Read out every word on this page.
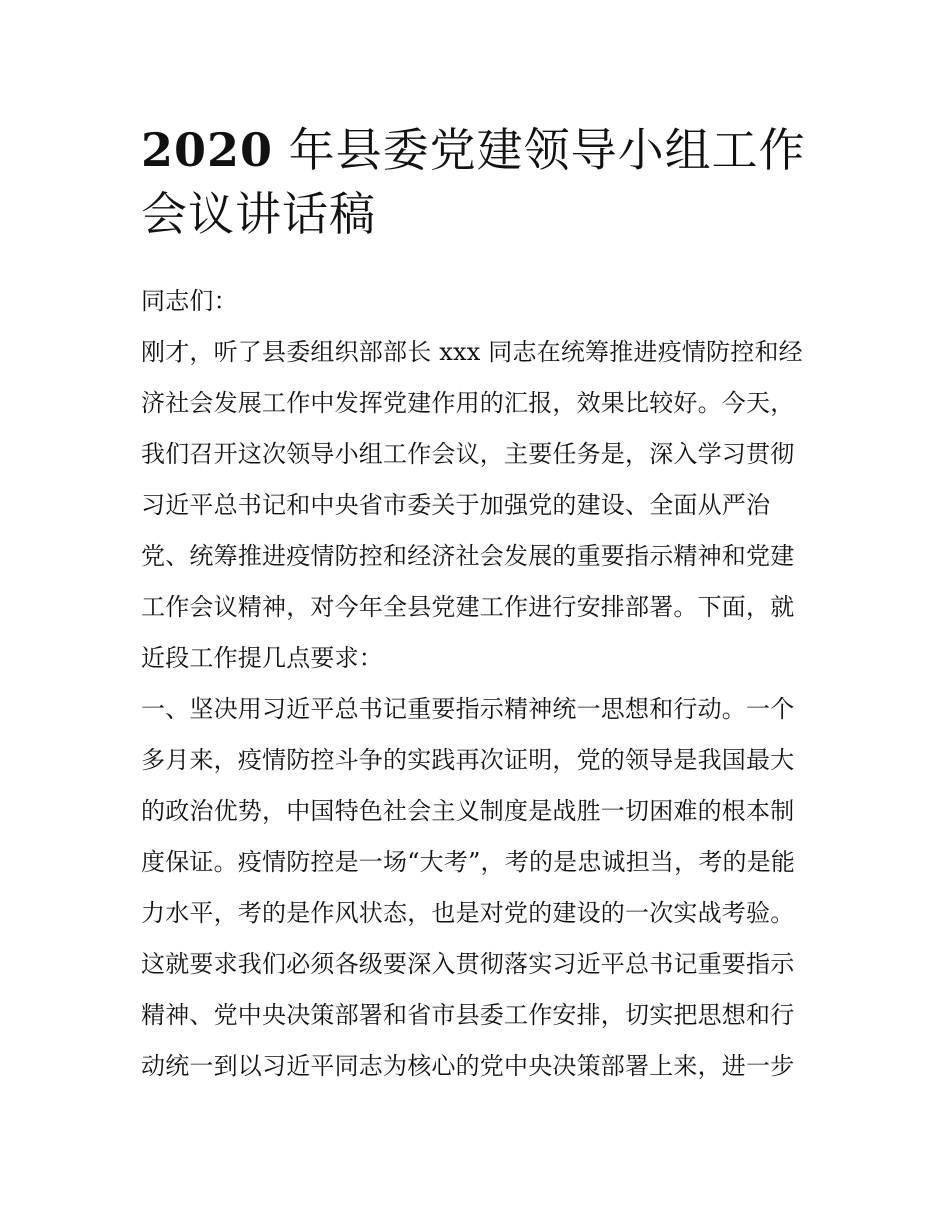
2020 年县委党建领导小组工作会议讲话稿
同志们：
刚才，听了县委组织部部长 xxx 同志在统筹推进疫情防控和经
济社会发展工作中发挥党建作用的汇报，效果比较好。今天，
我们召开这次领导小组工作会议，主要任务是，深入学习贯彻
习近平总书记和中央省市委关于加强党的建设、全面从严治
党、统筹推进疫情防控和经济社会发展的重要指示精神和党建
工作会议精神，对今年全县党建工作进行安排部署。下面，就
近段工作提几点要求：
一、坚决用习近平总书记重要指示精神统一思想和行动。一个
多月来，疫情防控斗争的实践再次证明，党的领导是我国最大
的政治优势，中国特色社会主义制度是战胜一切困难的根本制
度保证。疫情防控是一场“大考”，考的是忠诚担当，考的是能
力水平，考的是作风状态，也是对党的建设的一次实战考验。
这就要求我们必须各级要深入贯彻落实习近平总书记重要指示
精神、党中央决策部署和省市县委工作安排，切实把思想和行
动统一到以习近平同志为核心的党中央决策部署上来，进一步
